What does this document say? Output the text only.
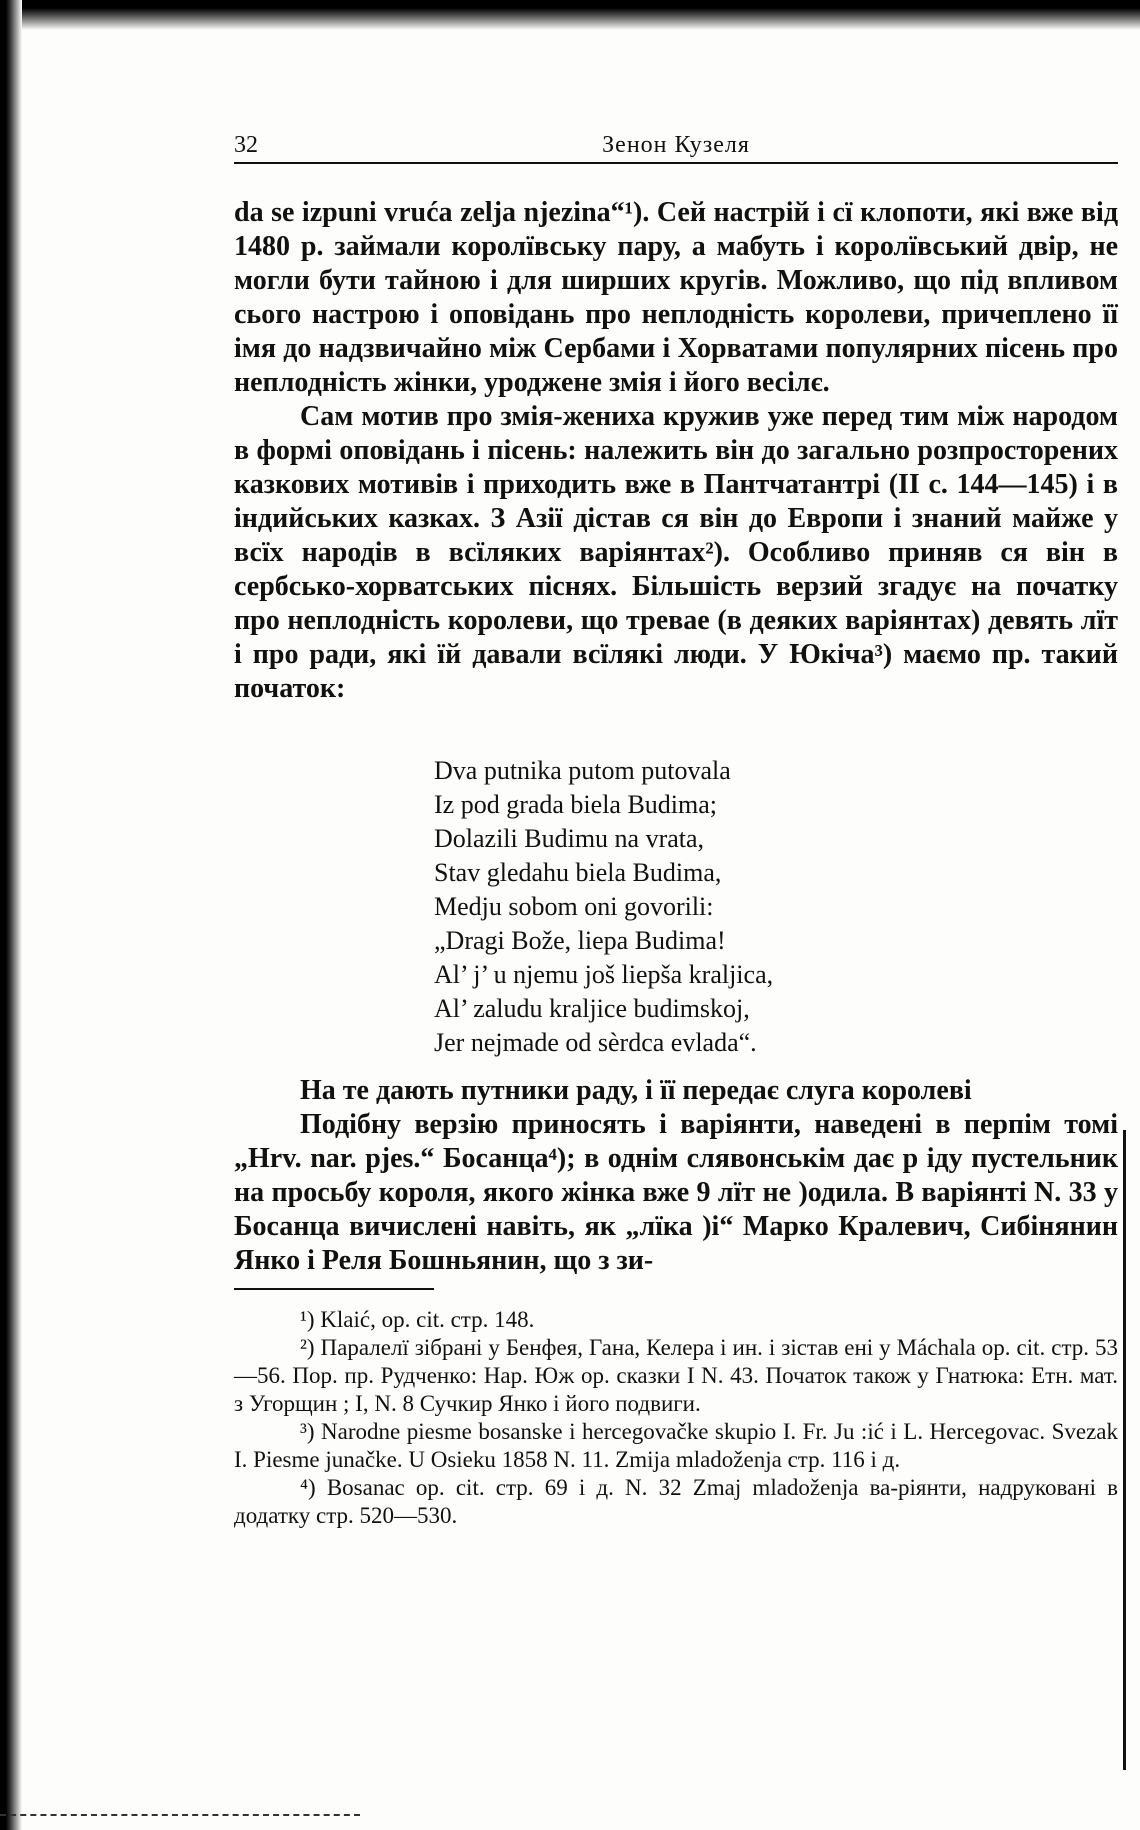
32	Зенон Кузеля

da se izpuni vruća zelja njezina“¹). Сей настрій і сї клопоти, які вже від 1480 р. займали королївську пару, а мабуть і королївський двір, не могли бути тайною і для ширших кругів. Можливо, що під впливом сього настрою і оповідань про неплодність королеви, причеплено її імя до надзвичайно між Сербами і Хорватами популярних пісень про неплодність жінки, уроджене змія і його весілє.

Сам мотив про змія-жениха кружив уже перед тим між народом в формі оповідань і пісень: належить він до загально розпросторених казкових мотивів і приходить вже в Пантчатантрі (II с. 144—145) і в індийських казках. З Азії дістав ся він до Европи і знаний майже у всїх народів в всїляких варіянтах²). Особливо приняв ся він в сербсько-хорватських піснях. Більшість верзий згадує на початку про неплодність королеви, що тревае (в деяких варіянтах) девять лїт і про ради, які їй давали всїлякі люди. У Юкіча³) маємо пр. такий початок:

Dva putnika putom putovala
Iz pod grada biela Budima;
Dolazili Budimu na vrata,
Stav gledahu biela Budima,
Medju sobom oni govorili:
„Dragi Bože, liepa Budima!
Al’ j’ u njemu još liepša kraljica,
Al’ zaludu kraljice budimskoj,
Jer nejmade od sèrdca evlada“.

На те дають путники раду, і її передає слуга королеві

Подібну верзію приносять і варіянти, наведені в перпім томі „Hrv. nar. pjes.“ Босанца⁴); в однім слявонськім дає р іду пустельник на просьбу короля, якого жінка вже 9 лїт не )одила. В варіянті N. 33 у Босанца вичислені навіть, як „лїка )і“ Марко Кралевич, Сибінянин Янко і Реля Бошньянин, що з зи-

¹) Klaić, op. cit. стр. 148.

²) Паралелї зібрані у Бенфея, Гана, Келера і ин. і зістав ені у Máchala op. cit. стр. 53—56. Пор. пр. Рудченко: Нар. Юж ор. сказки I N. 43. Початок також у Гнатюка: Етн. мат. з Угорщин ; I, N. 8 Сучкир Янко і його подвиги.

³) Narodne piesme bosanske i hercegovačke skupio I. Fr. Ju :ić i L. Hercegovac. Svezak I. Piesme junačke. U Osieku 1858 N. 11. Zmija mladoženja стр. 116 і д.

⁴) Bosanac op. cit. стр. 69 і д. N. 32 Zmaj mladoženja ва-ріянти, надруковані в додатку стр. 520—530.
